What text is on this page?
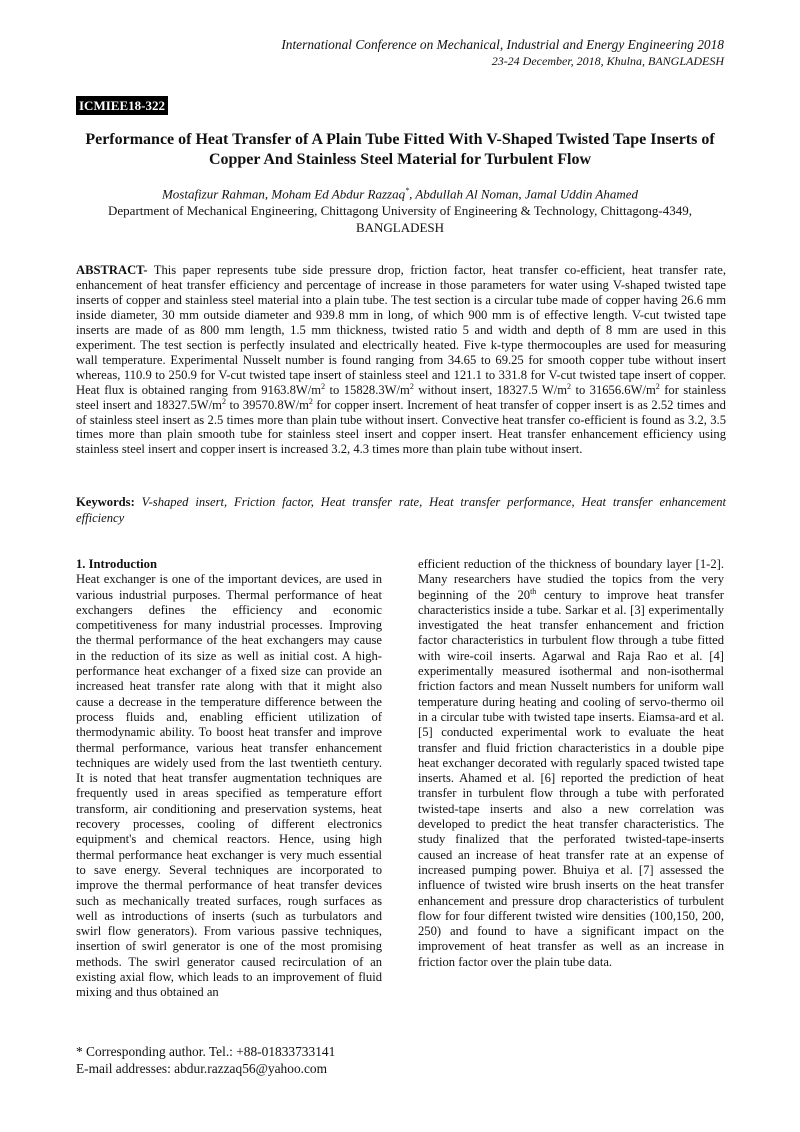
International Conference on Mechanical, Industrial and Energy Engineering 2018
23-24 December, 2018, Khulna, BANGLADESH
ICMIEE18-322
Performance of Heat Transfer of A Plain Tube Fitted With V-Shaped Twisted Tape Inserts of
Copper And Stainless Steel Material for Turbulent Flow
Mostafizur Rahman, Moham Ed Abdur Razzaq*, Abdullah Al Noman, Jamal Uddin Ahamed
Department of Mechanical Engineering, Chittagong University of Engineering & Technology, Chittagong-4349,
BANGLADESH
ABSTRACT- This paper represents tube side pressure drop, friction factor, heat transfer co-efficient, heat transfer rate, enhancement of heat transfer efficiency and percentage of increase in those parameters for water using V-shaped twisted tape inserts of copper and stainless steel material into a plain tube. The test section is a circular tube made of copper having 26.6 mm inside diameter, 30 mm outside diameter and 939.8 mm in long, of which 900 mm is of effective length. V-cut twisted tape inserts are made of as 800 mm length, 1.5 mm thickness, twisted ratio 5 and width and depth of 8 mm are used in this experiment. The test section is perfectly insulated and electrically heated. Five k-type thermocouples are used for measuring wall temperature. Experimental Nusselt number is found ranging from 34.65 to 69.25 for smooth copper tube without insert whereas, 110.9 to 250.9 for V-cut twisted tape insert of stainless steel and 121.1 to 331.8 for V-cut twisted tape insert of copper. Heat flux is obtained ranging from $9163.8W/m^2$ to $15828.3W/m^2$ without insert, 18327.5 $W/m^2$ to $31656.6W/m^2$ for stainless steel insert and $18327.5W/m^2$ to $39570.8W/m^2$ for copper insert. Increment of heat transfer of copper insert is as 2.52 times and of stainless steel insert as 2.5 times more than plain tube without insert. Convective heat transfer co-efficient is found as 3.2, 3.5 times more than plain smooth tube for stainless steel insert and copper insert. Heat transfer enhancement efficiency using stainless steel insert and copper insert is increased 3.2, 4.3 times more than plain tube without insert.
Keywords: V-shaped insert, Friction factor, Heat transfer rate, Heat transfer performance, Heat transfer enhancement efficiency
1. Introduction

Heat exchanger is one of the important devices, are used in various industrial purposes. Thermal performance of heat exchangers defines the efficiency and economic competitiveness for many industrial processes. Improving the thermal performance of the heat exchangers may cause in the reduction of its size as well as initial cost. A high-performance heat exchanger of a fixed size can provide an increased heat transfer rate along with that it might also cause a decrease in the temperature difference between the process fluids and, enabling efficient utilization of thermodynamic ability. To boost heat transfer and improve thermal performance, various heat transfer enhancement techniques are widely used from the last twentieth century. It is noted that heat transfer augmentation techniques are frequently used in areas specified as temperature effort transform, air conditioning and preservation systems, heat recovery processes, cooling of different electronics equipment's and chemical reactors. Hence, using high thermal performance heat exchanger is very much essential to save energy. Several techniques are incorporated to improve the thermal performance of heat transfer devices such as mechanically treated surfaces, rough surfaces as well as introductions of inserts (such as turbulators and swirl flow generators). From various passive techniques, insertion of swirl generator is one of the most promising methods. The swirl generator caused recirculation of an existing axial flow, which leads to an improvement of fluid mixing and thus obtained an

efficient reduction of the thickness of boundary layer [1-2]. Many researchers have studied the topics from the very beginning of the 20th century to improve heat transfer characteristics inside a tube. Sarkar et al. [3] experimentally investigated the heat transfer enhancement and friction factor characteristics in turbulent flow through a tube fitted with wire-coil inserts. Agarwal and Raja Rao et al. [4] experimentally measured isothermal and non-isothermal friction factors and mean Nusselt numbers for uniform wall temperature during heating and cooling of servo-thermo oil in a circular tube with twisted tape inserts. Eiamsa-ard et al. [5] conducted experimental work to evaluate the heat transfer and fluid friction characteristics in a double pipe heat exchanger decorated with regularly spaced twisted tape inserts. Ahamed et al. [6] reported the prediction of heat transfer in turbulent flow through a tube with perforated twisted-tape inserts and also a new correlation was developed to predict the heat transfer characteristics. The study finalized that the perforated twisted-tape-inserts caused an increase of heat transfer rate at an expense of increased pumping power. Bhuiya et al. [7] assessed the influence of twisted wire brush inserts on the heat transfer enhancement and pressure drop characteristics of turbulent flow for four different twisted wire densities (100,150, 200, 250) and found to have a significant impact on the improvement of heat transfer as well as an increase in friction factor over the plain tube data.

* Corresponding author. Tel.: +88-01833733141
E-mail addresses: abdur.razzaq56@yahoo.com
